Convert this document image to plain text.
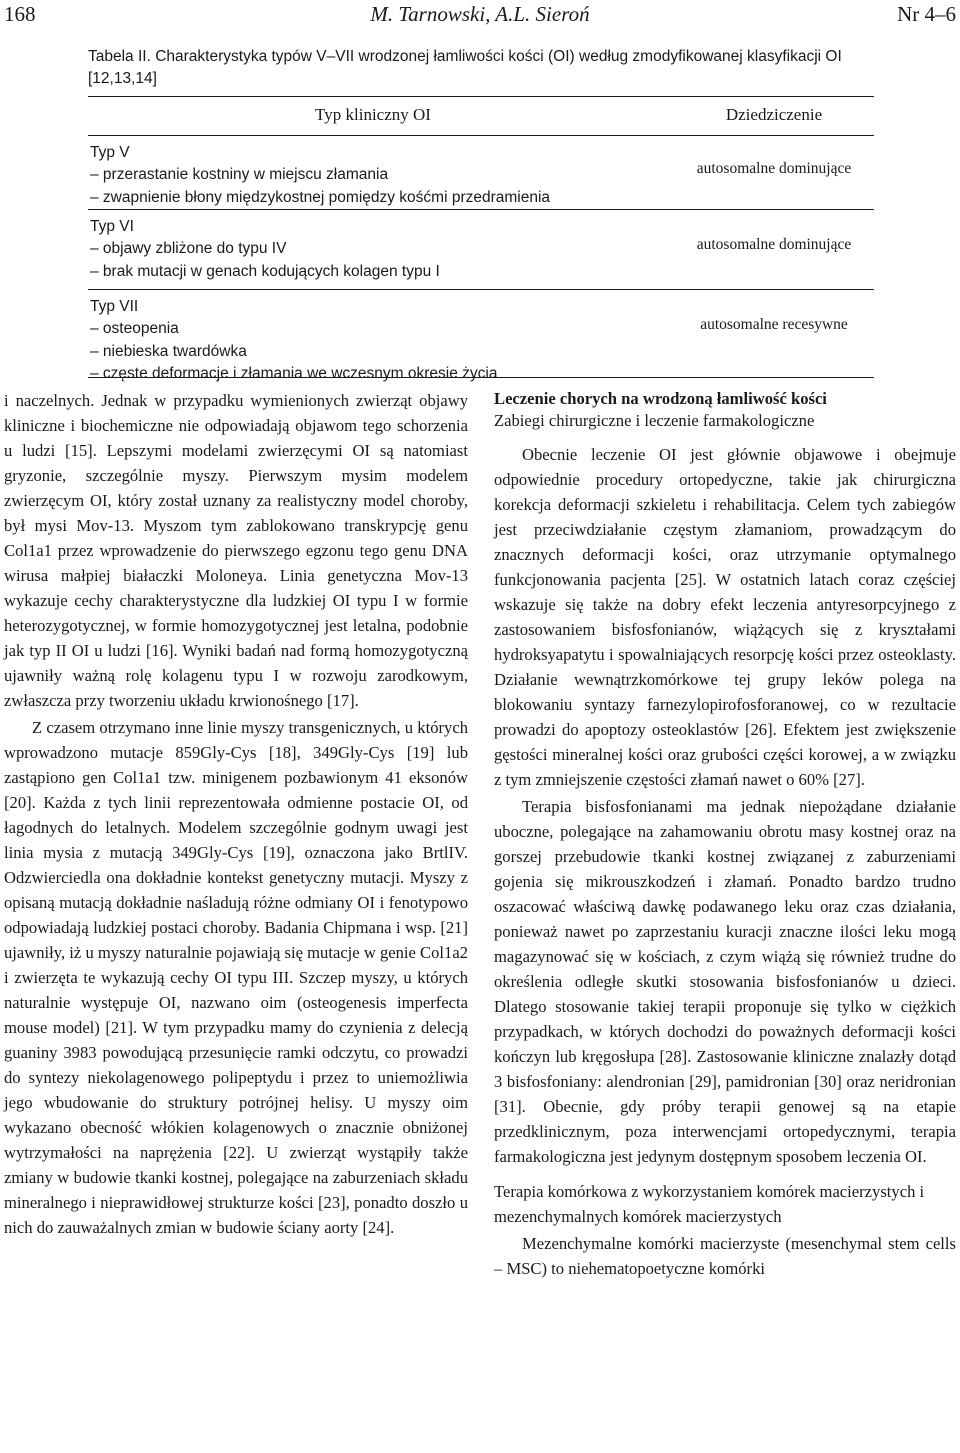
168	M. Tarnowski, A.L. Sieroń	Nr 4–6
Tabela II. Charakterystyka typów V–VII wrodzonej łamliwości kości (OI) według zmodyfikowanej klasyfikacji OI [12,13,14]
Typ kliniczny OI	Dziedziczenie
Typ V
– przerastanie kostniny w miejscu złamania
– zwapnienie błony międzykostnej pomiędzy kośćmi przedramienia
autosomalne dominujące
Typ VI
– objawy zbliżone do typu IV
– brak mutacji w genach kodujących kolagen typu I
autosomalne dominujące
Typ VII
– osteopenia
– niebieska twardówka
– częste deformacje i złamania we wczesnym okresie życia
autosomalne recesywne

i naczelnych. Jednak w przypadku wymienionych zwierząt objawy kliniczne i biochemiczne nie odpowiadają objawom tego schorzenia u ludzi [15]. Lepszymi modelami zwierzęcymi OI są natomiast gryzonie, szczególnie myszy. Pierwszym mysim modelem zwierzęcym OI, który został uznany za realistyczny model choroby, był mysi Mov-13. Myszom tym zablokowano transkrypcję genu Col1a1 przez wprowadzenie do pierwszego egzonu tego genu DNA wirusa małpiej białaczki Moloneya. Linia genetyczna Mov-13 wykazuje cechy charakterystyczne dla ludzkiej OI typu I w formie heterozygotycznej, w formie homozygotycznej jest letalna, podobnie jak typ II OI u ludzi [16]. Wyniki badań nad formą homozygotyczną ujawniły ważną rolę kolagenu typu I w rozwoju zarodkowym, zwłaszcza przy tworzeniu układu krwionośnego [17].

Z czasem otrzymano inne linie myszy transgenicznych, u których wprowadzono mutacje 859Gly-Cys [18], 349Gly-Cys [19] lub zastąpiono gen Col1a1 tzw. minigenem pozbawionym 41 eksonów [20]. Każda z tych linii reprezentowała odmienne postacie OI, od łagodnych do letalnych. Modelem szczególnie godnym uwagi jest linia mysia z mutacją 349Gly-Cys [19], oznaczona jako BrtlIV. Odzwierciedla ona dokładnie kontekst genetyczny mutacji. Myszy z opisaną mutacją dokładnie naśladują różne odmiany OI i fenotypowo odpowiadają ludzkiej postaci choroby. Badania Chipmana i wsp. [21] ujawniły, iż u myszy naturalnie pojawiają się mutacje w genie Col1a2 i zwierzęta te wykazują cechy OI typu III. Szczep myszy, u których naturalnie występuje OI, nazwano oim (osteogenesis imperfecta mouse model) [21]. W tym przypadku mamy do czynienia z delecją guaniny 3983 powodującą przesunięcie ramki odczytu, co prowadzi do syntezy niekolagenowego polipeptydu i przez to uniemożliwia jego wbudowanie do struktury potrójnej helisy. U myszy oim wykazano obecność włókien kolagenowych o znacznie obniżonej wytrzymałości na naprężenia [22]. U zwierząt wystąpiły także zmiany w budowie tkanki kostnej, polegające na zaburzeniach składu mineralnego i nieprawidłowej strukturze kości [23], ponadto doszło u nich do zauważalnych zmian w budowie ściany aorty [24].

Leczenie chorych na wrodzoną łamliwość kości
Zabiegi chirurgiczne i leczenie farmakologiczne

Obecnie leczenie OI jest głównie objawowe i obejmuje odpowiednie procedury ortopedyczne, takie jak chirurgiczna korekcja deformacji szkieletu i rehabilitacja. Celem tych zabiegów jest przeciwdziałanie częstym złamaniom, prowadzącym do znacznych deformacji kości, oraz utrzymanie optymalnego funkcjonowania pacjenta [25]. W ostatnich latach coraz częściej wskazuje się także na dobry efekt leczenia antyresorpcyjnego z zastosowaniem bisfosfonianów, wiążących się z kryształami hydroksyapatytu i spowalniających resorpcję kości przez osteoklasty. Działanie wewnątrzkomórkowe tej grupy leków polega na blokowaniu syntazy farnezylopirofosforanowej, co w rezultacie prowadzi do apoptozy osteoklastów [26]. Efektem jest zwiększenie gęstości mineralnej kości oraz grubości części korowej, a w związku z tym zmniejszenie częstości złamań nawet o 60% [27].

Terapia bisfosfonianami ma jednak niepożądane działanie uboczne, polegające na zahamowaniu obrotu masy kostnej oraz na gorszej przebudowie tkanki kostnej związanej z zaburzeniami gojenia się mikrouszkodzeń i złamań. Ponadto bardzo trudno oszacować właściwą dawkę podawanego leku oraz czas działania, ponieważ nawet po zaprzestaniu kuracji znaczne ilości leku mogą magazynować się w kościach, z czym wiążą się również trudne do określenia odległe skutki stosowania bisfosfonianów u dzieci. Dlatego stosowanie takiej terapii proponuje się tylko w ciężkich przypadkach, w których dochodzi do poważnych deformacji kości kończyn lub kręgosłupa [28]. Zastosowanie kliniczne znalazły dotąd 3 bisfosfoniany: alendronian [29], pamidronian [30] oraz neridronian [31]. Obecnie, gdy próby terapii genowej są na etapie przedklinicznym, poza interwencjami ortopedycznymi, terapia farmakologiczna jest jedynym dostępnym sposobem leczenia OI.

Terapia komórkowa z wykorzystaniem komórek macierzystych i mezenchymalnych komórek macierzystych

Mezenchymalne komórki macierzyste (mesenchymal stem cells – MSC) to niehematopoetyczne komórki
